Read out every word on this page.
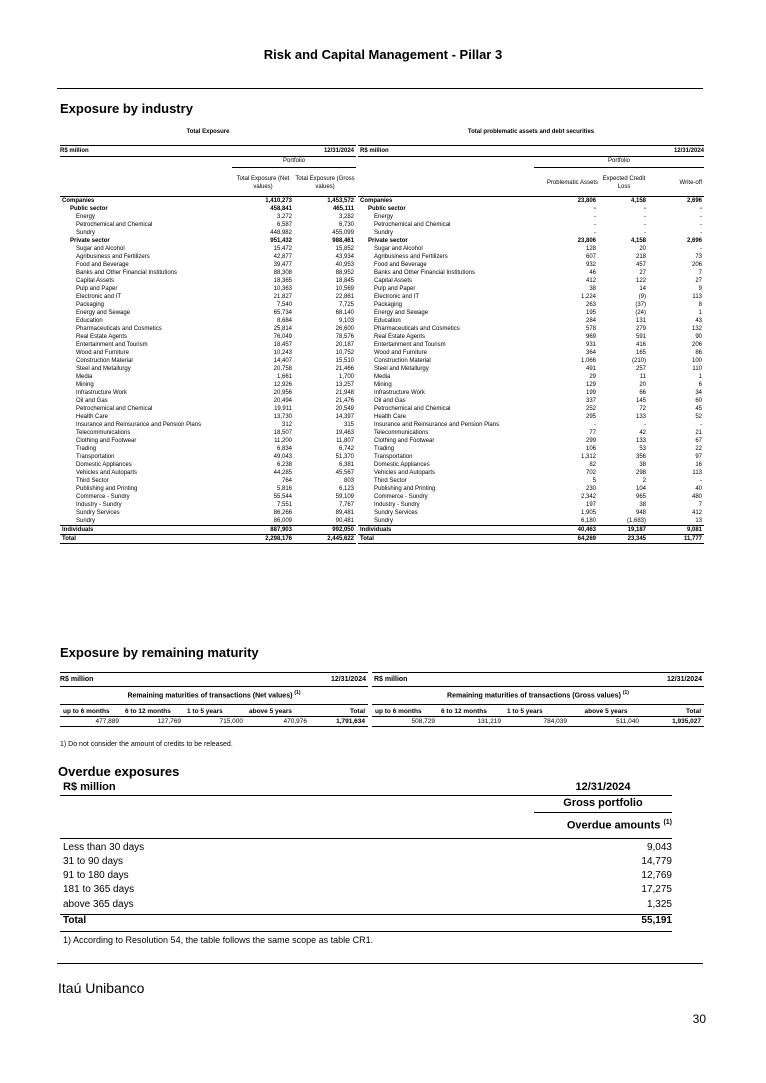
Risk and Capital Management - Pillar 3
Exposure by industry
Total Exposure	Total problematic assets and debt securities
R$ million	12/31/2024
Portfolio
Total Exposure (Net values)
Total Exposure (Gross values)
R$ million	12/31/2024
Portfolio
Problematic Assets
Expected Credit Loss
Write-off
Companies	1,410,273	1,453,572
Public sector	458,841	465,111
Energy	3,272	3,282
Petrochemical and Chemical	6,587	6,730
Sundry	448,982	455,099
Private sector	951,432	988,461
Sugar and Alcohol	15,472	15,852
Agribusiness and Fertilizers	42,877	43,934
Food and Beverage	39,477	40,953
Banks and Other Financial Institutions	88,308	88,952
Capital Assets	18,365	18,845
Pulp and Paper	10,363	10,569
Electronic and IT	21,827	22,861
Packaging	7,540	7,725
Energy and Sewage	65,734	68,140
Education	8,684	9,103
Pharmaceuticals and Cosmetics	25,814	26,600
Real Estate Agents	76,049	78,576
Entertainment and Tourism	18,457	20,187
Wood and Furniture	10,243	10,752
Construction Material	14,407	15,510
Steel and Metallurgy	20,758	21,466
Media	1,661	1,700
Mining	12,926	13,257
Infrastructure Work	20,956	21,948
Oil and Gas	20,494	21,476
Petrochemical and Chemical	19,911	20,549
Health Care	13,730	14,397
Insurance and Reinsurance and Pension Plans	312	315
Telecommunications	18,507	19,463
Clothing and Footwear	11,200	11,807
Trading	6,834	6,742
Transportation	49,043	51,370
Domestic Appliances	6,238	6,381
Vehicles and Autoparts	44,285	45,567
Third Sector	764	803
Publishing and Printing	5,816	6,123
Commerce - Sundry	55,544	59,109
Industry - Sundry	7,551	7,767
Sundry Services	86,266	89,481
Sundry	86,009	90,481
Individuals	887,903	992,050
Total	2,298,176	2,445,622
Companies	23,806	4,158	2,696
Public sector	-	-	-
Energy	-	-	-
Petrochemical and Chemical	-	-	-
Sundry	-	-	-
Private sector	23,806	4,158	2,696
Sugar and Alcohol	128	20	-
Agribusiness and Fertilizers	607	218	73
Food and Beverage	932	457	206
Banks and Other Financial Institutions	46	27	7
Capital Assets	412	122	27
Pulp and Paper	38	14	9
Electronic and IT	1,224	(9)	113
Packaging	263	(37)	8
Energy and Sewage	195	(24)	1
Education	284	131	43
Pharmaceuticals and Cosmetics	578	279	132
Real Estate Agents	969	591	90
Entertainment and Tourism	931	416	206
Wood and Furniture	364	165	86
Construction Material	1,066	(210)	100
Steel and Metallurgy	491	257	110
Media	29	11	1
Mining	129	20	6
Infrastructure Work	199	66	34
Oil and Gas	337	145	60
Petrochemical and Chemical	252	72	45
Health Care	295	133	52
Insurance and Reinsurance and Pension Plans	-	-	-
Telecommunications	77	42	21
Clothing and Footwear	299	133	67
Trading	106	53	22
Transportation	1,312	356	97
Domestic Appliances	82	38	16
Vehicles and Autoparts	702	298	113
Third Sector	5	2	-
Publishing and Printing	230	104	40
Commerce - Sundry	2,342	965	480
Industry - Sundry	197	38	7
Sundry Services	1,905	948	412
Sundry	6,180	(1,683)	13
Individuals	40,463	19,187	9,081
Total	64,269	23,345	11,777
Exposure by remaining maturity
R$ million	12/31/2024
Remaining maturities of transactions (Net values) $^{(1)}$
R$ million	12/31/2024
Remaining maturities of transactions (Gross values) $^{(1)}$
up to 6 months	6 to 12 months	1 to 5 years	above 5 years	Total
477,889	127,769	715,000	470,976	1,791,634
up to 6 months	6 to 12 months	1 to 5 years	above 5 years	Total
508,729	131,219	784,039	511,040	1,935,027
1) Do not consider the amount of credits to be released.
Overdue exposures
R$ million	12/31/2024
Gross portfolio
Overdue amounts $^{(1)}$
Less than 30 days	9,043
31 to 90 days	14,779
91 to 180 days	12,769
181 to 365 days	17,275
above 365 days	1,325
Total	55,191
1) According to Resolution 54, the table follows the same scope as table CR1.
Itaú Unibanco
30
